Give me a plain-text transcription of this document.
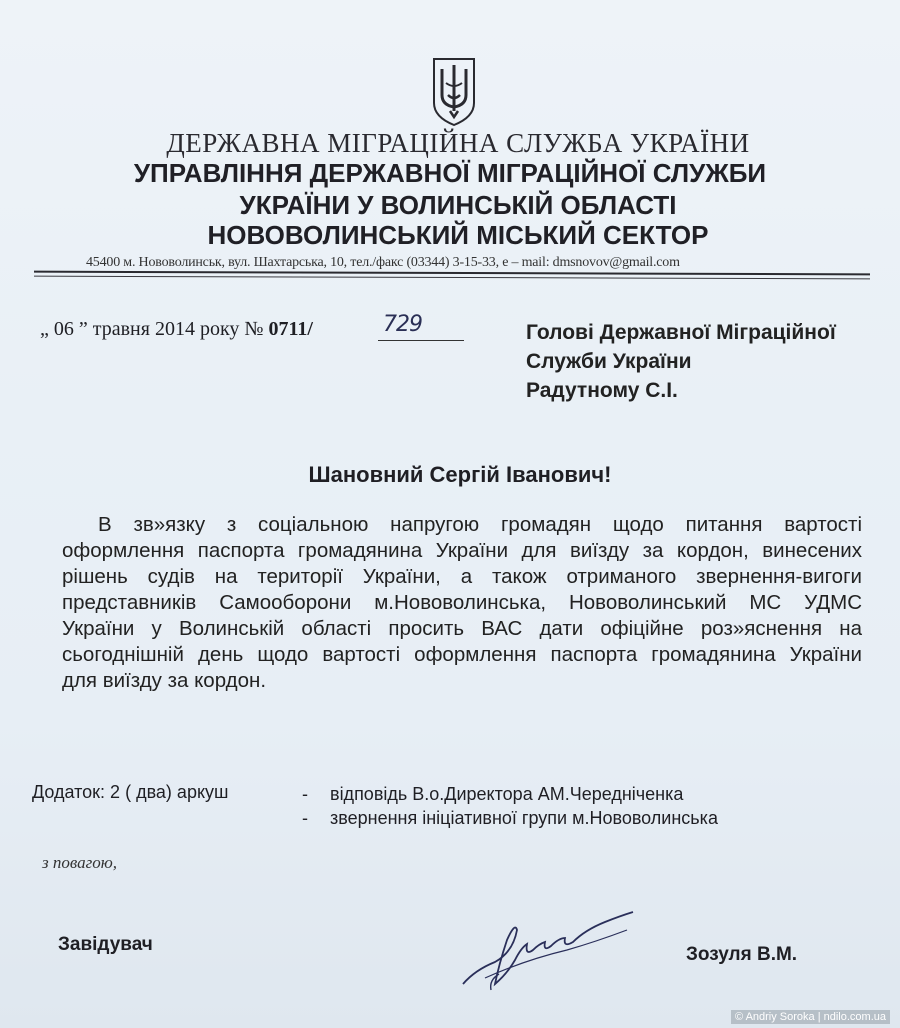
ДЕРЖАВНА МІГРАЦІЙНА СЛУЖБА УКРАЇНИ
УПРАВЛІННЯ ДЕРЖАВНОЇ МІГРАЦІЙНОЇ СЛУЖБИ
УКРАЇНИ У ВОЛИНСЬКІЙ ОБЛАСТІ
НОВОВОЛИНСЬКИЙ МІСЬКИЙ СЕКТОР
45400 м. Нововолинськ, вул. Шахтарська, 10, тел./факс (03344) 3-15-33, е – mail: dmsnovov@gmail.com
„ 06 ” травня 2014 року № 0711/	729	Голові Державної Міграційної
Служби України
Радутному С.І.
Шановний Сергій Іванович!
В зв»язку з соціальною напругою громадян щодо питання вартості
оформлення паспорта громадянина України для виїзду за кордон, винесених
рішень судів на території України, а також отриманого звернення-вигоги
представників Самооборони м.Нововолинська, Нововолинський МС УДМС
України у Волинській області просить ВАС дати офіційне роз»яснення на
сьогоднішній день щодо вартості оформлення паспорта громадянина України
для виїзду за кордон.
Додаток: 2 ( два) аркуш	- відповідь В.о.Директора АМ.Чередніченка
- звернення ініціативної групи м.Нововолинська
з повагою,
Завідувач	Зозуля В.М.
© Andriy Soroka | ndilo.com.ua
